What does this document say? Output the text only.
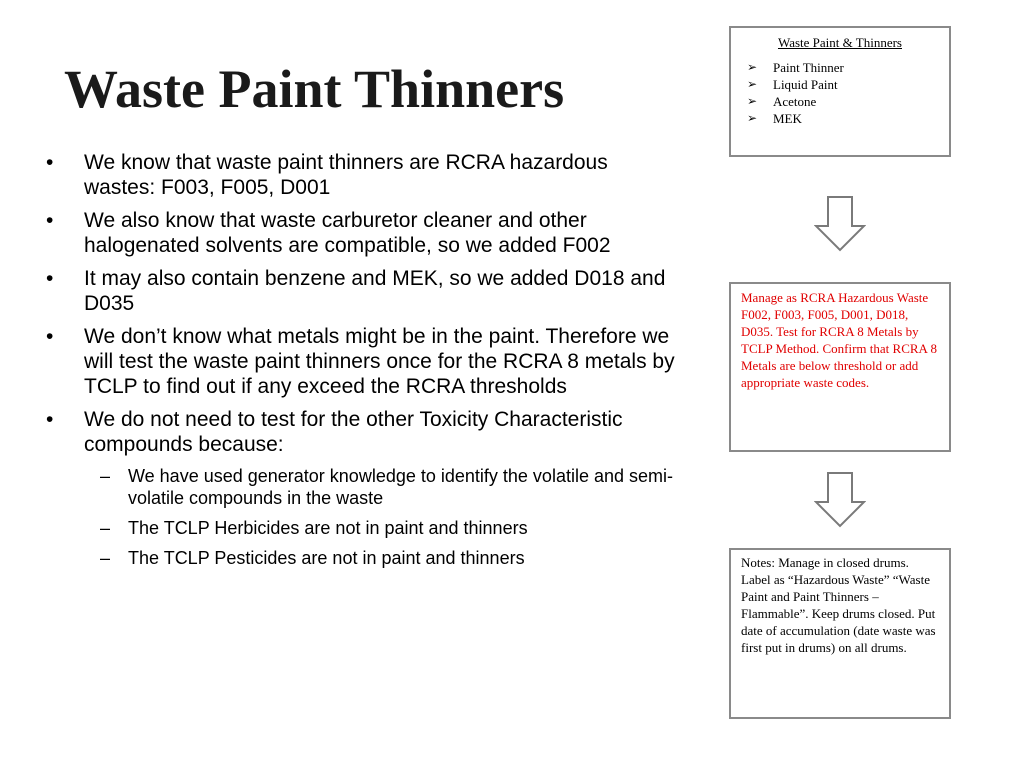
Waste Paint Thinners
• We know that waste paint thinners are RCRA hazardous wastes: F003, F005, D001
• We also know that waste carburetor cleaner and other halogenated solvents are compatible, so we added F002
• It may also contain benzene and MEK, so we added D018 and D035
• We don’t know what metals might be in the paint. Therefore we will test the waste paint thinners once for the RCRA 8 metals by TCLP to find out if any exceed the RCRA thresholds
• We do not need to test for the other Toxicity Characteristic compounds because:
– We have used generator knowledge to identify the volatile and semi-volatile compounds in the waste
– The TCLP Herbicides are not in paint and thinners
– The TCLP Pesticides are not in paint and thinners
Waste Paint & Thinners
➢ Paint Thinner
➢ Liquid Paint
➢ Acetone
➢ MEK
Manage as RCRA Hazardous Waste F002, F003, F005, D001, D018, D035. Test for RCRA 8 Metals by TCLP Method. Confirm that RCRA 8 Metals are below threshold or add appropriate waste codes.
Notes: Manage in closed drums. Label as “Hazardous Waste” “Waste Paint and Paint Thinners – Flammable”. Keep drums closed. Put date of accumulation (date waste was first put in drums) on all drums.
